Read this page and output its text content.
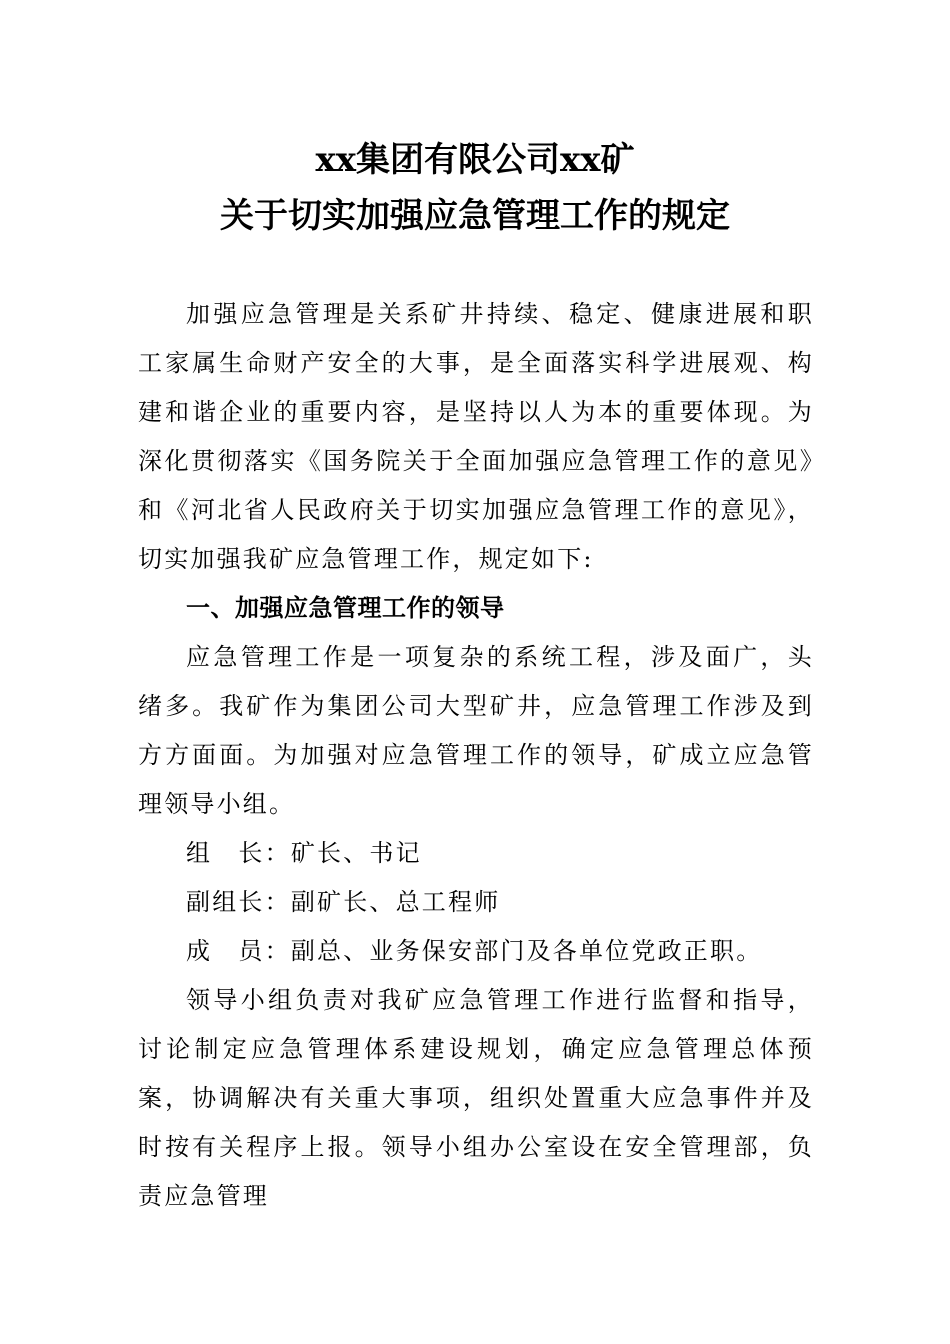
xx集团有限公司xx矿
关于切实加强应急管理工作的规定

加强应急管理是关系矿井持续、稳定、健康进展和职工家属生命财产安全的大事，是全面落实科学进展观、构建和谐企业的重要内容，是坚持以人为本的重要体现。为深化贯彻落实《国务院关于全面加强应急管理工作的意见》和《河北省人民政府关于切实加强应急管理工作的意见》，切实加强我矿应急管理工作，规定如下:

一、加强应急管理工作的领导

应急管理工作是一项复杂的系统工程，涉及面广，头绪多。我矿作为集团公司大型矿井，应急管理工作涉及到方方面面。为加强对应急管理工作的领导，矿成立应急管理领导小组。

组　长：矿长、书记

副组长：副矿长、总工程师

成　员：副总、业务保安部门及各单位党政正职。

领导小组负责对我矿应急管理工作进行监督和指导，讨论制定应急管理体系建设规划，确定应急管理总体预案，协调解决有关重大事项，组织处置重大应急事件并及时按有关程序上报。领导小组办公室设在安全管理部，负责应急管理
